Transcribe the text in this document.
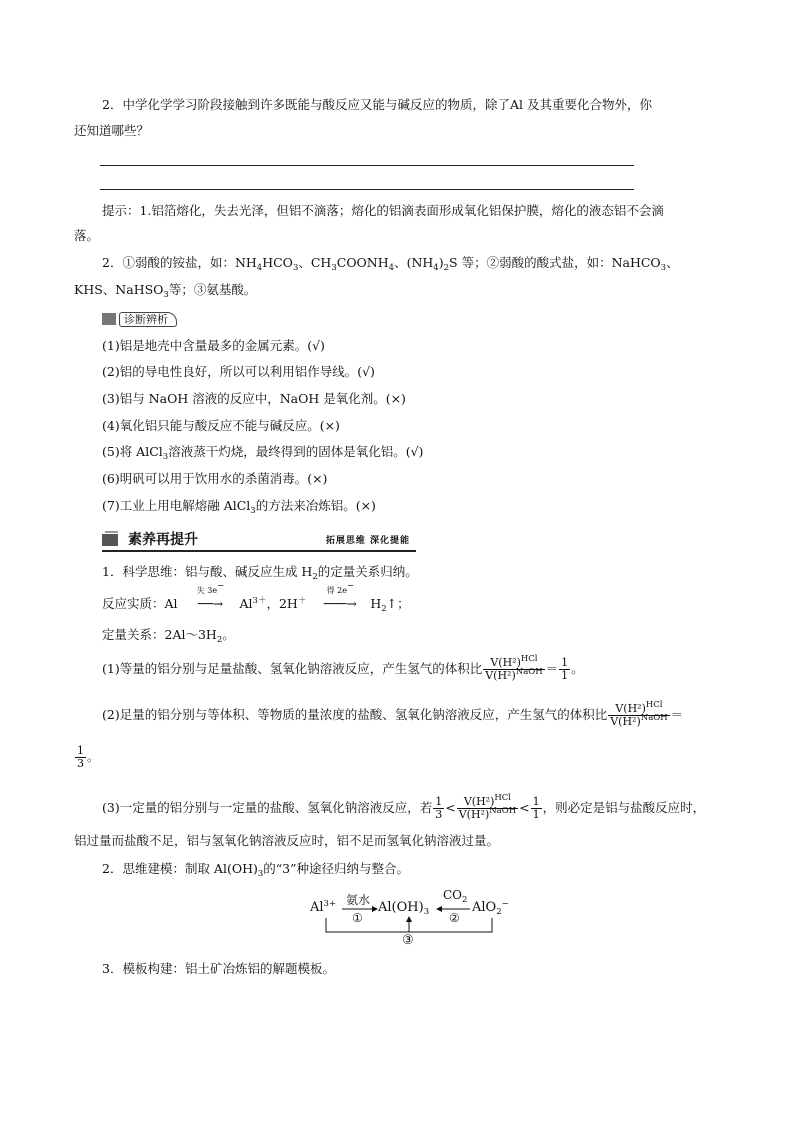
2．中学化学学习阶段接触到许多既能与酸反应又能与碱反应的物质，除了Al 及其重要化合物外，你
还知道哪些？
提示：1.铝箔熔化，失去光泽，但铝不滴落；熔化的铝滴表面形成氧化铝保护膜，熔化的液态铝不会滴
落。
2．①弱酸的铵盐，如：$NH_4HCO_3$、$CH_3COONH_4$、$(NH_4)_2S$ 等；②弱酸的酸式盐，如：NaHCO$_3$、
KHS、NaHSO$_3$等；③氨基酸。
诊断辨析
(1)铝是地壳中含量最多的金属元素。(√)
(2)铝的导电性良好，所以可以利用铝作导线。(√)
(3)铝与 NaOH 溶液的反应中，NaOH 是氧化剂。(×)
(4)氧化铝只能与酸反应不能与碱反应。(×)
(5)将 AlCl$_3$溶液蒸干灼烧，最终得到的固体是氧化铝。(√)
(6)明矾可以用于饮用水的杀菌消毒。(×)
(7)工业上用电解熔融 AlCl$_3$的方法来冶炼铝。(×)
素养再提升	拓展思维 深化提能
1．科学思维：铝与酸、碱反应生成 $H_2$的定量关系归纳。
反应实质：Al
失 3e−
──→ $Al^{3+}$，2H＋
得 2e−
───→ $H_2↑$；
定量关系：$2Al\sim 3H_2$。
(1)等量的铝分别与足量盐酸、氢氧化钠溶液反应，产生氢气的体积比 $\frac{V(H^2)^{HCl}}{V(H^2)^{NaOH}} = \frac{1}{1}$ 。
(2)足量的铝分别与等体积、等物质的量浓度的盐酸、氢氧化钠溶液反应，产生氢气的体积比 $\frac{V(H^2)^{HCl}}{V(H^2)^{NaOH}}$ ＝
$\frac{1}{3}$ 。
(3)一定量的铝分别与一定量的盐酸、氢氧化钠溶液反应，若 $\frac{1}{3} < \frac{V(H^2)^{HCl}}{V(H^2)^{NaOH}} < \frac{1}{1}$ ，则必定是铝与盐酸反应时，
铝过量而盐酸不足，铝与氢氧化钠溶液反应时，铝不足而氢氧化钠溶液过量。
2．思维建模：制取 $Al(OH)_3$的“3”种途径归纳与整合。
$Al^{3+}$ 氨水
①
$Al(OH)_3$
$CO_2$
②
AlO$_2$−
③
3．模板构建：铝土矿冶炼铝的解题模板。
